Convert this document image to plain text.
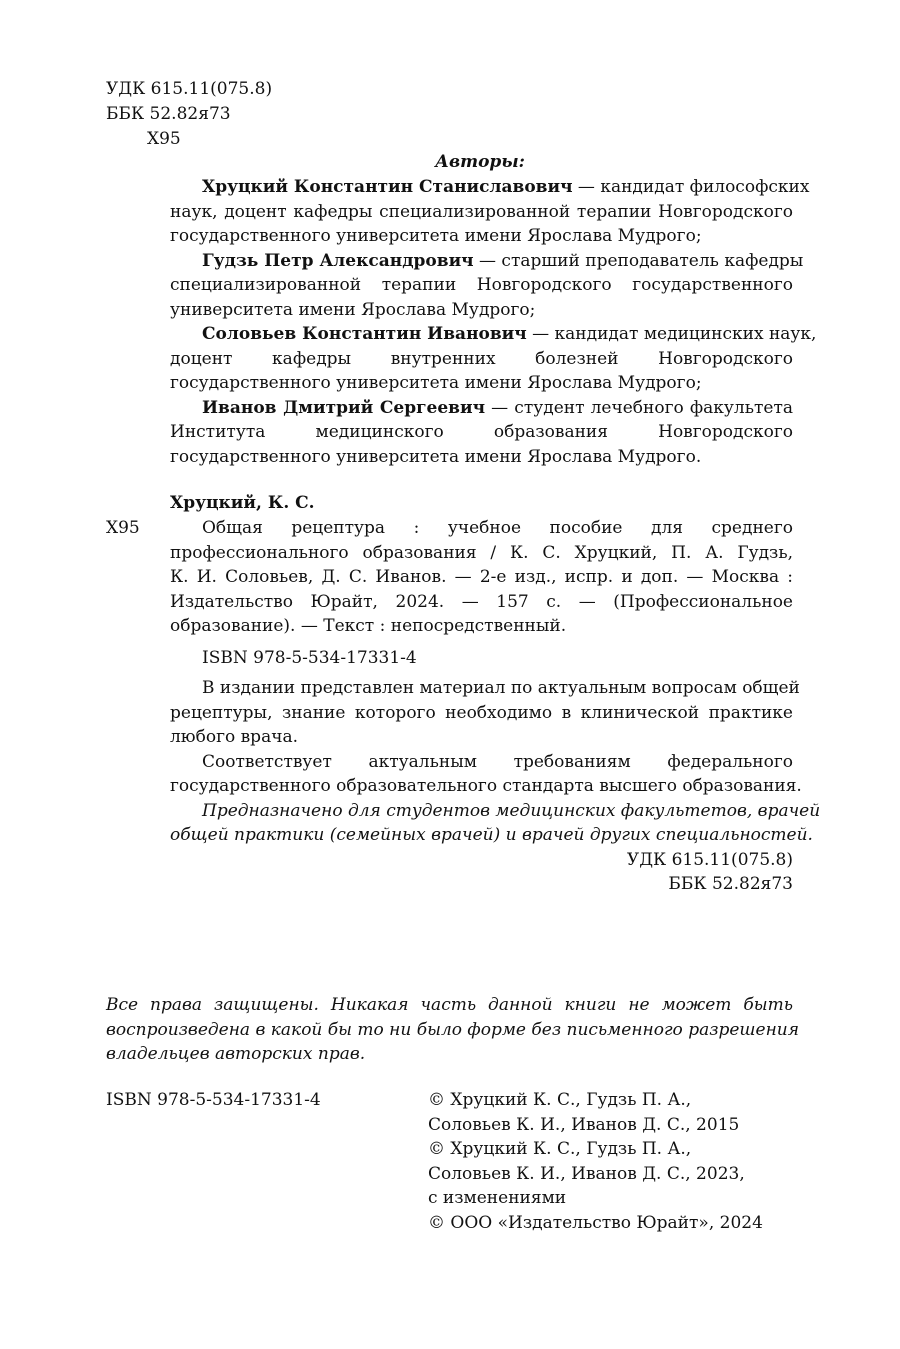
УДК 615.11(075.8)
ББК 52.82я73
Х95
Авторы:
Хруцкий Константин Станиславович — кандидат философских
наук, доцент кафедры специализированной терапии Новгородского
государственного университета имени Ярослава Мудрого;
Гудзь Петр Александрович — старший преподаватель кафедры
специализированной терапии Новгородского государственного
университета имени Ярослава Мудрого;
Соловьев Константин Иванович — кандидат медицинских наук,
доцент кафедры внутренних болезней Новгородского
государственного университета имени Ярослава Мудрого;
Иванов Дмитрий Сергеевич — студент лечебного факультета
Института медицинского образования Новгородского
государственного университета имени Ярослава Мудрого.
Хруцкий, К. С.
Х95	Общая рецептура : учебное пособие для среднего
профессионального образования / К. С. Хруцкий, П. А. Гудзь,
К. И. Соловьев, Д. С. Иванов. — 2-е изд., испр. и доп. — Москва :
Издательство Юрайт, 2024. — 157 с. — (Профессиональное
образование). — Текст : непосредственный.
ISBN 978-5-534-17331-4
В издании представлен материал по актуальным вопросам общей
рецептуры, знание которого необходимо в клинической практике
любого врача.
Соответствует актуальным требованиям федерального
государственного образовательного стандарта высшего образования.
Предназначено для студентов медицинских факультетов, врачей
общей практики (семейных врачей) и врачей других специальностей.
УДК 615.11(075.8)
ББК 52.82я73
Все права защищены. Никакая часть данной книги не может быть
воспроизведена в какой бы то ни было форме без письменного разрешения
владельцев авторских прав.
ISBN 978-5-534-17331-4	© Хруцкий К. С., Гудзь П. А.,
Соловьев К. И., Иванов Д. С., 2015
© Хруцкий К. С., Гудзь П. А.,
Соловьев К. И., Иванов Д. С., 2023,
с изменениями
© ООО «Издательство Юрайт», 2024
